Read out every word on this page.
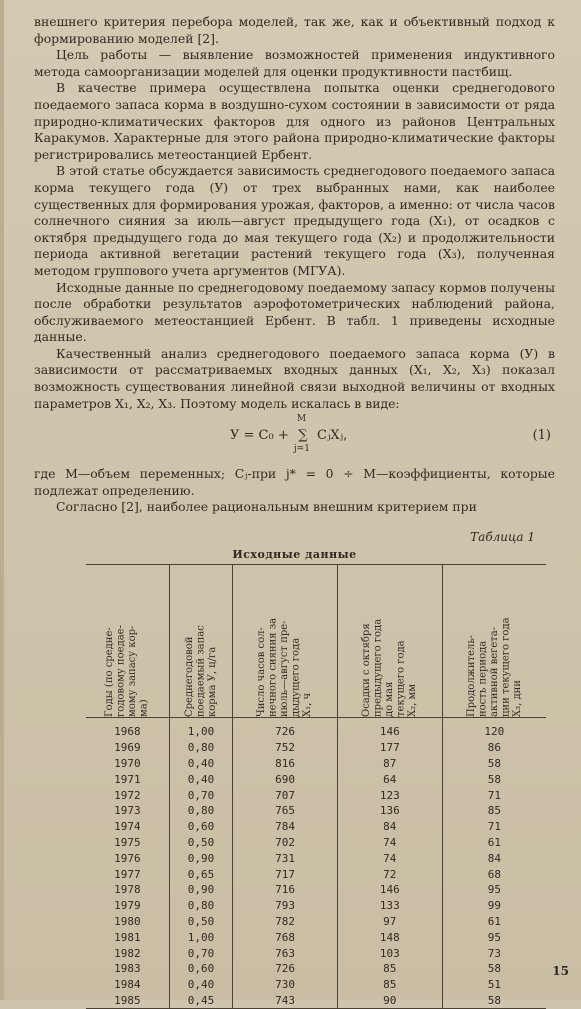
внешнего критерия перебора моделей, так же, как и объективный подход к формированию моделей [2].

Цель работы — выявление возможностей применения индуктивного метода самоорганизации моделей для оценки продуктивности пастбищ.

В качестве примера осуществлена попытка оценки среднегодового поедаемого запаса корма в воздушно-сухом состоянии в зависимости от ряда природно-климатических факторов для одного из районов Центральных Каракумов. Характерные для этого района природно-климатические факторы регистрировались метеостанцией Ербент.

В этой статье обсуждается зависимость среднегодового поедаемого запаса корма текущего года (У) от трех выбранных нами, как наиболее существенных для формирования урожая, факторов, а именно: от числа часов солнечного сияния за июль—август предыдущего года (X₁), от осадков с октября предыдущего года до мая текущего года (X₂) и продолжительности периода активной вегетации растений текущего года (X₃), полученная методом группового учета аргументов (МГУА).

Исходные данные по среднегодовому поедаемому запасу кормов получены после обработки результатов аэрофотометрических наблюдений района, обслуживаемого метеостанцией Ербент. В табл. 1 приведены исходные данные.

Качественный анализ среднегодового поедаемого запаса корма (У) в зависимости от рассматриваемых входных данных (X₁, X₂, X₃) показал возможность существования линейной связи выходной величины от входных параметров X₁, X₂, X₃. Поэтому модель искалась в виде:

У = C₀ +
M
∑
j=1
CⱼXⱼ,	(1)

где M—объем переменных; Cⱼ-при j* = 0 ÷ M—коэффициенты, которые подлежат определению.

Согласно [2], наиболее рациональным внешним критерием при

Таблица 1
Исходные данные
Годы (по средне-
годовому поедае-
мому запасу кор-
ма)	Среднегодовой
поедаемый запас
корма У, ц/га	Число часов сол-
нечного сияния за
июль—август пре-
дыдущего года
X₁, ч	Осадки с октября
предыдущего года
до мая
текущего года
X₂, мм	Продолжитель-
ность периода
активной вегета-
ции текущего года
X₃, дни

1968	1,00	726	146	120
1969	0,80	752	177	86
1970	0,40	816	87	58
1971	0,40	690	64	58
1972	0,70	707	123	71
1973	0,80	765	136	85
1974	0,60	784	84	71
1975	0,50	702	74	61
1976	0,90	731	74	84
1977	0,65	717	72	68
1978	0,90	716	146	95
1979	0,80	793	133	99
1980	0,50	782	97	61
1981	1,00	768	148	95
1982	0,70	763	103	73
1983	0,60	726	85	58
1984	0,40	730	85	51
1985	0,45	743	90	58
15
